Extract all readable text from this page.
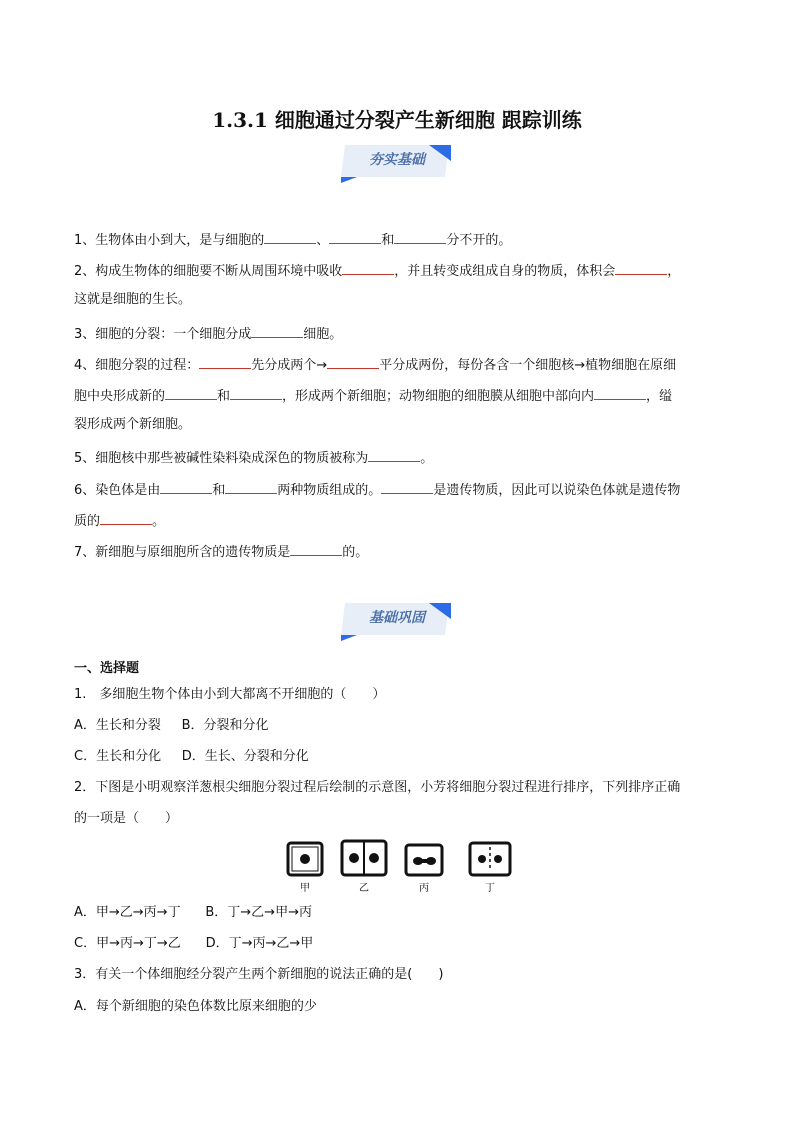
1.3.1 细胞通过分裂产生新细胞 跟踪训练
夯实基础
1、生物体由小到大，是与细胞的	、	和	分不开的。
2、构成生物体的细胞要不断从周围环境中吸收	，并且转变成组成自身的物质，体积会	，
这就是细胞的生长。
3、细胞的分裂：一个细胞分成	细胞。
4、细胞分裂的过程：	先分成两个→	平分成两份，每份各含一个细胞核→植物细胞在原细
胞中央形成新的	和	，形成两个新细胞；动物细胞的细胞膜从细胞中部向内	，缢
裂形成两个新细胞。
5、细胞核中那些被碱性染料染成深色的物质被称为	。
6、染色体是由	和	两种物质组成的。	是遗传物质，因此可以说染色体就是遗传物
质的	。
7、新细胞与原细胞所含的遗传物质是	的。
基础巩固
一、选择题
1.　多细胞生物个体由小到大都离不开细胞的（　　）
A．生长和分裂 B．分裂和分化
C．生长和分化 D．生长、分裂和分化
2．下图是小明观察洋葱根尖细胞分裂过程后绘制的示意图，小芳将细胞分裂过程进行排序，下列排序正确
的一项是（　　）
甲	乙	丙	丁
A．甲→乙→丙→丁 B．丁→乙→甲→丙
C．甲→丙→丁→乙 D．丁→丙→乙→甲
3．有关一个体细胞经分裂产生两个新细胞的说法正确的是(　　)
A．每个新细胞的染色体数比原来细胞的少
